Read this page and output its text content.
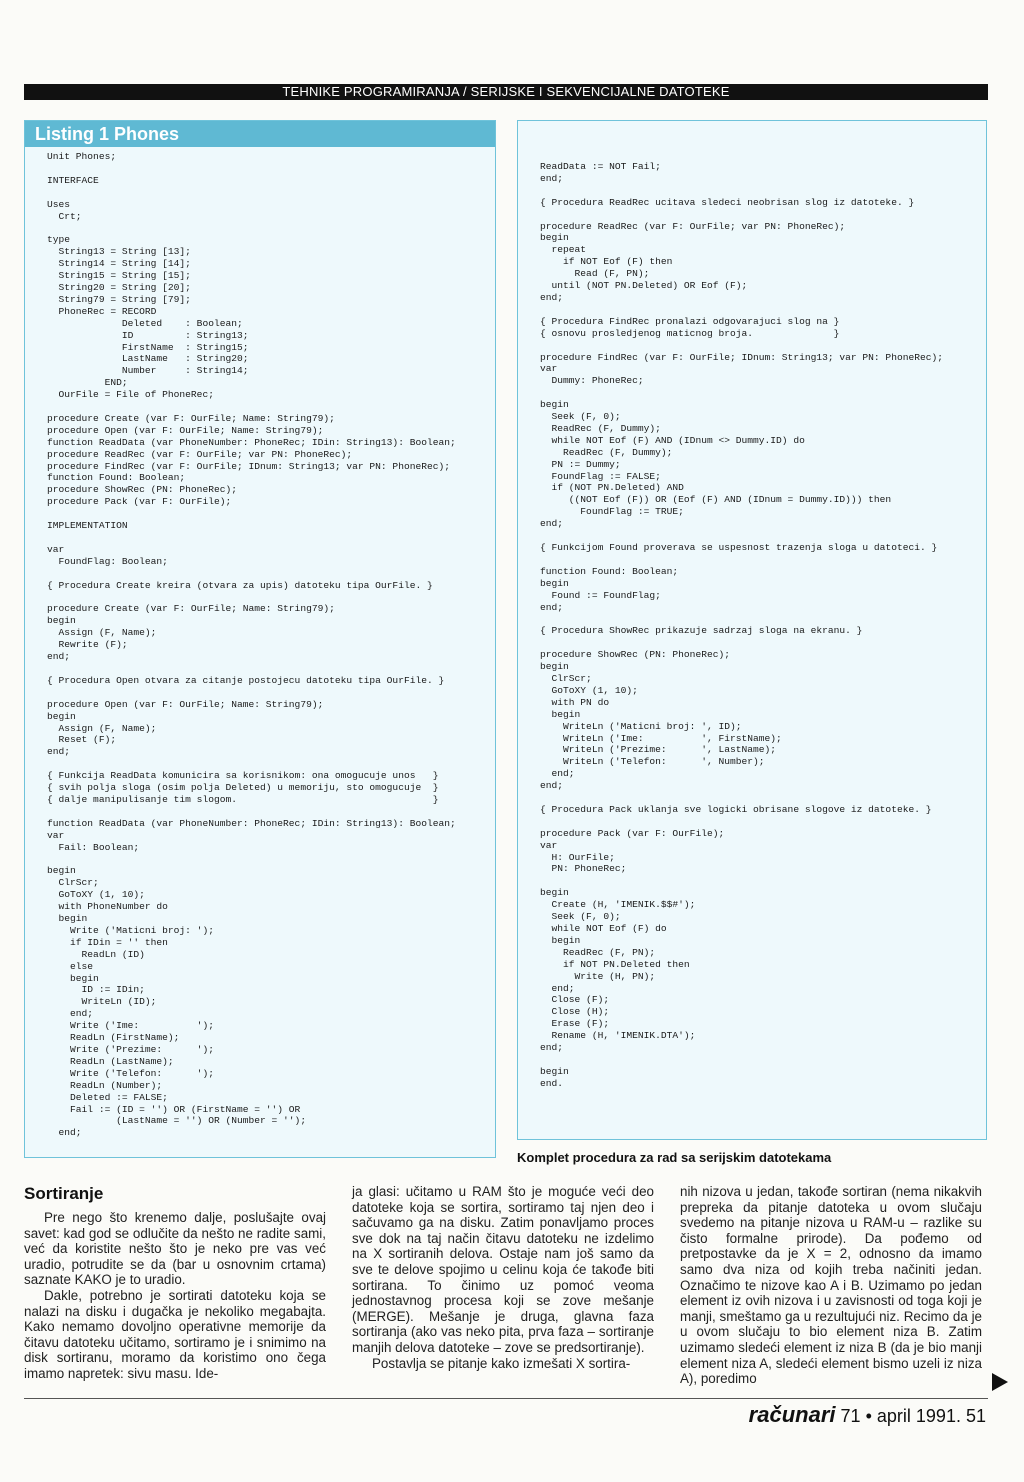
TEHNIKE PROGRAMIRANJA / SERIJSKE I SEKVENCIJALNE DATOTEKE
Listing 1 Phones
Unit Phones;

INTERFACE

Uses
Crt;

type
String13 = String [13];
String14 = String [14];
String15 = String [15];
String20 = String [20];
String79 = String [79];
PhoneRec = RECORD
Deleted    : Boolean;
ID         : String13;
FirstName  : String15;
LastName   : String20;
Number     : String14;
END;
OurFile = File of PhoneRec;

procedure Create (var F: OurFile; Name: String79);
procedure Open (var F: OurFile; Name: String79);
function ReadData (var PhoneNumber: PhoneRec; IDin: String13): Boolean;
procedure ReadRec (var F: OurFile; var PN: PhoneRec);
procedure FindRec (var F: OurFile; IDnum: String13; var PN: PhoneRec);
function Found: Boolean;
procedure ShowRec (PN: PhoneRec);
procedure Pack (var F: OurFile);

IMPLEMENTATION

var
FoundFlag: Boolean;

{ Procedura Create kreira (otvara za upis) datoteku tipa OurFile. }

procedure Create (var F: OurFile; Name: String79);
begin
Assign (F, Name);
Rewrite (F);
end;

{ Procedura Open otvara za citanje postojecu datoteku tipa OurFile. }

procedure Open (var F: OurFile; Name: String79);
begin
Assign (F, Name);
Reset (F);
end;

{ Funkcija ReadData komunicira sa korisnikom: ona omogucuje unos   }
{ svih polja sloga (osim polja Deleted) u memoriju, sto omogucuje  }
{ dalje manipulisanje tim slogom.                                  }

function ReadData (var PhoneNumber: PhoneRec; IDin: String13): Boolean;
var
Fail: Boolean;

begin
ClrScr;
GoToXY (1, 10);
with PhoneNumber do
begin
Write ('Maticni broj: ');
if IDin = '' then
ReadLn (ID)
else
begin
ID := IDin;
WriteLn (ID);
end;
Write ('Ime:          ');
ReadLn (FirstName);
Write ('Prezime:      ');
ReadLn (LastName);
Write ('Telefon:      ');
ReadLn (Number);
Deleted := FALSE;
Fail := (ID = '') OR (FirstName = '') OR
(LastName = '') OR (Number = '');
end;
ReadData := NOT Fail;
end;

{ Procedura ReadRec ucitava sledeci neobrisan slog iz datoteke. }

procedure ReadRec (var F: OurFile; var PN: PhoneRec);
begin
repeat
if NOT Eof (F) then
Read (F, PN);
until (NOT PN.Deleted) OR Eof (F);
end;

{ Procedura FindRec pronalazi odgovarajuci slog na }
{ osnovu prosledjenog maticnog broja.              }

procedure FindRec (var F: OurFile; IDnum: String13; var PN: PhoneRec);
var
Dummy: PhoneRec;

begin
Seek (F, 0);
ReadRec (F, Dummy);
while NOT Eof (F) AND (IDnum <> Dummy.ID) do
ReadRec (F, Dummy);
PN := Dummy;
FoundFlag := FALSE;
if (NOT PN.Deleted) AND
((NOT Eof (F)) OR (Eof (F) AND (IDnum = Dummy.ID))) then
FoundFlag := TRUE;
end;

{ Funkcijom Found proverava se uspesnost trazenja sloga u datoteci. }

function Found: Boolean;
begin
Found := FoundFlag;
end;

{ Procedura ShowRec prikazuje sadrzaj sloga na ekranu. }

procedure ShowRec (PN: PhoneRec);
begin
ClrScr;
GoToXY (1, 10);
with PN do
begin
WriteLn ('Maticni broj: ', ID);
WriteLn ('Ime:          ', FirstName);
WriteLn ('Prezime:      ', LastName);
WriteLn ('Telefon:      ', Number);
end;
end;

{ Procedura Pack uklanja sve logicki obrisane slogove iz datoteke. }

procedure Pack (var F: OurFile);
var
H: OurFile;
PN: PhoneRec;

begin
Create (H, 'IMENIK.$$#');
Seek (F, 0);
while NOT Eof (F) do
begin
ReadRec (F, PN);
if NOT PN.Deleted then
Write (H, PN);
end;
Close (F);
Close (H);
Erase (F);
Rename (H, 'IMENIK.DTA');
end;

begin
end.
Komplet procedura za rad sa serijskim datotekama
Sortiranje

Pre nego što krenemo dalje, poslušajte ovaj savet: kad god se odlučite da nešto ne radite sami, već da koristite nešto što je neko pre vas već uradio, potrudite se da (bar u osnovnim crtama) saznate KAKO je to uradio.

Dakle, potrebno je sortirati datoteku koja se nalazi na disku i dugačka je nekoliko megabajta. Kako nemamo dovoljno operativne memorije da čitavu datoteku učitamo, sortiramo je i snimimo na disk sortiranu, moramo da koristimo ono čega imamo napretek: sivu masu. Ide-

ja glasi: učitamo u RAM što je moguće veći deo datoteke koja se sortira, sortiramo taj njen deo i sačuvamo ga na disku. Zatim ponavljamo proces sve dok na taj način čitavu datoteku ne izdelimo na X sortiranih delova. Ostaje nam još samo da sve te delove spojimo u celinu koja će takođe biti sortirana. To činimo uz pomoć veoma jednostavnog procesa koji se zove mešanje (MERGE). Mešanje je druga, glavna faza sortiranja (ako vas neko pita, prva faza – sortiranje manjih delova datoteke – zove se predsortiranje).

Postavlja se pitanje kako izmešati X sortira-

nih nizova u jedan, takođe sortiran (nema nikakvih prepreka da pitanje datoteka u ovom slučaju svedemo na pitanje nizova u RAM-u – razlike su čisto formalne prirode). Da pođemo od pretpostavke da je X = 2, odnosno da imamo samo dva niza od kojih treba načiniti jedan. Označimo te nizove kao A i B. Uzimamo po jedan element iz ovih nizova i u zavisnosti od toga koji je manji, smeštamo ga u rezultujući niz. Recimo da je u ovom slučaju to bio element niza B. Zatim uzimamo sledeći element iz niza B (da je bio manji element niza A, sledeći element bismo uzeli iz niza A), poredimo

računari 71 • april 1991. 51
